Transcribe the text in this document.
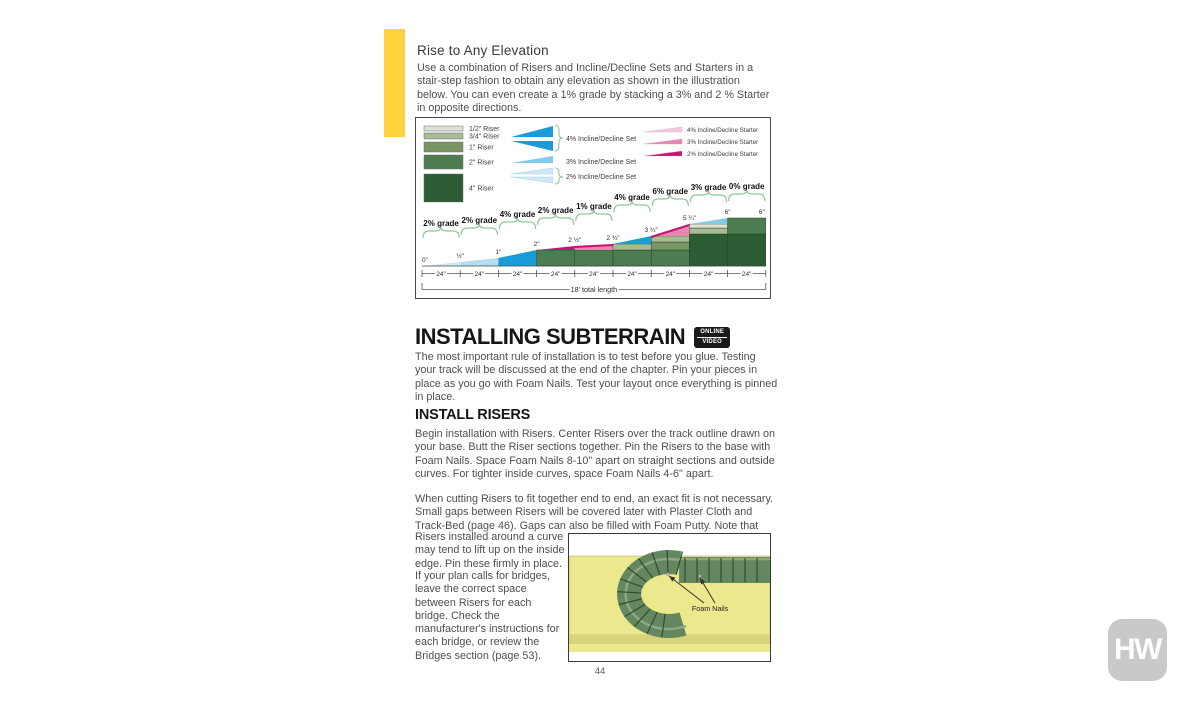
Rise to Any Elevation
Use a combination of Risers and Incline/Decline Sets and Starters in a stair-step fashion to obtain any elevation as shown in the illustration below. You can even create a 1% grade by stacking a 3% and 2 % Starter in opposite directions.
1/2" Riser
3/4" Riser
1" Riser
2" Riser
4" Riser
4% Incline/Decline Set
3% Incline/Decline Set
2% Incline/Decline Set
4% Incline/Decline Starter
3% Incline/Decline Starter
2% Incline/Decline Starter
2% grade 2% grade
4% grade 2% grade 1% grade
4% grade
6% grade 3% grade 0% grade
0"
½"
1"
2"
2 ½"	2 ¾"
3 ¾"
5 ¼"
6"	6"
24"	24"	24"	24"	24"	24"	24"	24"	24"
18' total length
INSTALLING SUBTERRAIN	ONLINE
VIDEO
The most important rule of installation is to test before you glue. Testing your track will be discussed at the end of the chapter. Pin your pieces in place as you go with Foam Nails. Test your layout once everything is pinned in place.
INSTALL RISERS
Begin installation with Risers. Center Risers over the track outline drawn on your base. Butt the Riser sections together. Pin the Risers to the base with Foam Nails. Space Foam Nails 8-10" apart on straight sections and outside curves. For tighter inside curves, space Foam Nails 4-6" apart.
When cutting Risers to fit together end to end, an exact fit is not necessary. Small gaps between Risers will be covered later with Plaster Cloth and Track-Bed (page 46). Gaps can also be filled with Foam Putty. Note that
Risers installed around a curve may tend to lift up on the inside edge. Pin these firmly in place.
If your plan calls for bridges, leave the correct space between Risers for each bridge. Check the manufacturer's instructions for each bridge, or review the Bridges section (page 53).
Foam Nails
44
HW
